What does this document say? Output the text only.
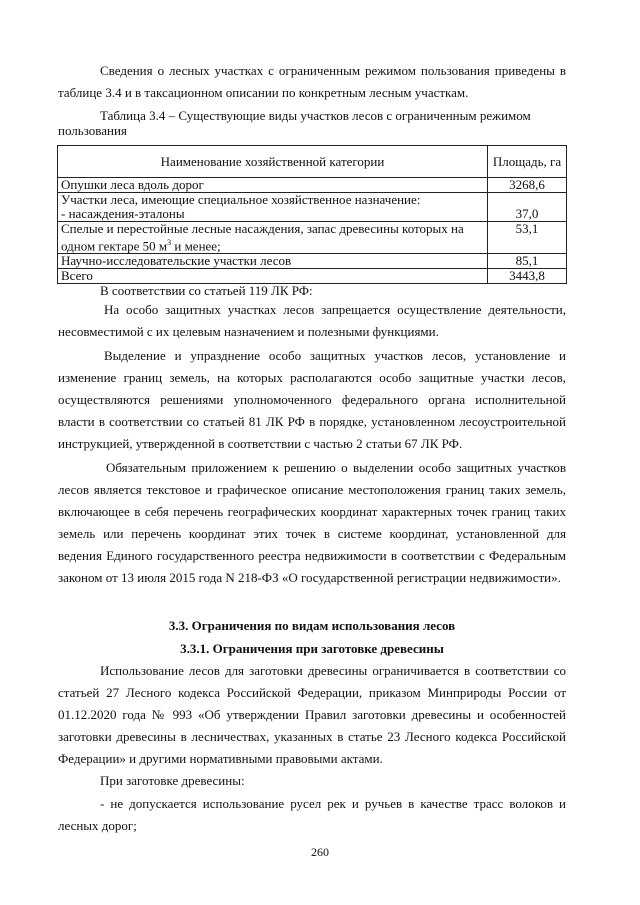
Сведения о лесных участках с ограниченным режимом пользования приведены в таблице 3.4 и в таксационном описании по конкретным лесным участкам.

Таблица 3.4 – Существующие виды участков лесов с ограниченным режимом пользования

Наименование хозяйственной категории	Площадь, га
Опушки леса вдоль дорог	3268,6
Участки леса, имеющие специальное хозяйственное назначение:
- насаждения-эталоны	37,0
Спелые и перестойные лесные насаждения, запас древесины которых на одном гектаре 50 $м^3$ и менее;	53,1
Научно-исследовательские участки лесов	85,1
Всего	3443,8

В соответствии со статьей 119 ЛК РФ:

На особо защитных участках лесов запрещается осуществление деятельности, несовместимой с их целевым назначением и полезными функциями.

Выделение и упразднение особо защитных участков лесов, установление и изменение границ земель, на которых располагаются особо защитные участки лесов, осуществляются решениями уполномоченного федерального органа исполнительной власти в соответствии со статьей 81 ЛК РФ в порядке, установленном лесоустроительной инструкцией, утвержденной в соответствии с частью 2 статьи 67 ЛК РФ.

Обязательным приложением к решению о выделении особо защитных участков лесов является текстовое и графическое описание местоположения границ таких земель, включающее в себя перечень географических координат характерных точек границ таких земель или перечень координат этих точек в системе координат, установленной для ведения Единого государственного реестра недвижимости в соответствии с Федеральным законом от 13 июля 2015 года N 218-ФЗ «О государственной регистрации недвижимости».

3.3. Ограничения по видам использования лесов

3.3.1. Ограничения при заготовке древесины

Использование лесов для заготовки древесины ограничивается в соответствии со статьей 27 Лесного кодекса Российской Федерации, приказом Минприроды России от 01.12.2020 года № 993 «Об утверждении Правил заготовки древесины и особенностей заготовки древесины в лесничествах, указанных в статье 23 Лесного кодекса Российской Федерации» и другими нормативными правовыми актами.

При заготовке древесины:

- не допускается использование русел рек и ручьев в качестве трасс волоков и лесных дорог;

260
